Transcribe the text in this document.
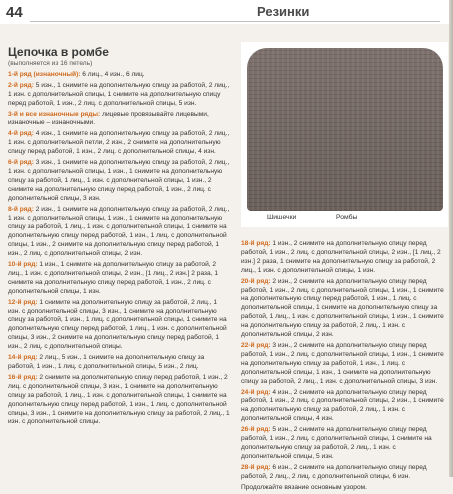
44	Резинки
Цепочка в ромбе
Шишечки	Ромбы

(выполняется из 16 петель)

1-й ряд (изнаночный): 6 лиц., 4 изн., 6 лиц.

2-й ряд: 5 изн., 1 снимите на дополнительную спицу за работой, 2 лиц., 1 изн. с дополнительной спицы, 1 снимите на дополнительную спицу перед работой, 1 изн., 2 лиц. с дополнительной спицы, 5 изн.

3-й и все изнаночные ряды: лицевые провязывайте лицевыми, изнаночные – изнаночными.

4-й ряд: 4 изн., 1 снимите на дополнительную спицу за работой, 2 лиц., 1 изн. с дополнительной петли, 2 изн., 2 снимите на дополнительную спицу перед работой, 1 изн., 2 лиц. с дополнительной спицы, 4 изн.

6-й ряд: 3 изн., 1 снимите на дополнительную спицу за работой, 2 лиц., 1 изн. с дополнительной спицы, 1 изн., 1 снимите на дополнительную спицу за работой, 1 лиц., 1 изн. с дополнительной спицы, 1 изн., 2 снимите на дополнительную спицу перед работой, 1 изн., 2 лиц. с дополнительной спицы, 3 изн.

8-й ряд: 2 изн., 1 снимите на дополнительную спицу за работой, 2 лиц., 1 изн. с дополнительной спицы, 1 изн., 1 снимите на дополнительную спицу за работой, 1 лиц., 1 изн. с дополнительной спицы, 1 снимите на дополнительную спицу перед работой, 1 изн., 1 лиц. с дополнительной спицы, 1 изн., 2 снимите на дополнительную спицу перед работой, 1 изн., 2 лиц. с дополнительной спицы, 2 изн.

10-й ряд: 1 изн., 1 снимите на дополнительную спицу за работой, 2 лиц., 1 изн. с дополнительной спицы, 2 изн., [1 лиц., 2 изн.] 2 раза, 1 снимите на дополнительную спицу перед работой, 1 изн., 2 лиц. с дополнительной спицы, 1 изн.

12-й ряд: 1 снимите на дополнительную спицу за работой, 2 лиц., 1 изн. с дополнительной спицы, 3 изн., 1 снимите на дополнительную спицу за работой, 1 изн., 1 лиц. с дополнительной спицы, 1 снимите на дополнительную спицу перед работой, 1 лиц., 1 изн. с дополнительной спицы, 3 изн., 2 снимите на дополнительную спицу перед работой, 1 изн., 2 лиц. с дополнительной спицы.

14-й ряд: 2 лиц., 5 изн., 1 снимите на дополнительную спицу за работой, 1 изн., 1 лиц. с дополнительной спицы, 5 изн., 2 лиц.

16-й ряд: 2 снимите на дополнительную спицу перед работой, 1 изн., 2 лиц. с дополнительной спицы, 3 изн., 1 снимите на дополнительную спицу за работой, 1 лиц., 1 изн. с дополнительной спицы, 1 снимите на дополнительную спицу перед работой, 1 изн., 1 лиц. с дополнительной спицы, 3 изн., 1 снимите на дополнительную спицу за работой, 2 лиц., 1 изн. с дополнительной спицы.

18-й ряд: 1 изн., 2 снимите на дополнительную спицу перед работой, 1 изн., 2 лиц. с дополнительной спицы, 2 изн., [1 лиц., 2 изн.] 2 раза, 1 снимите на дополнительную спицу за работой, 2 лиц., 1 изн. с дополнительной спицы, 1 изн.

20-й ряд: 2 изн., 2 снимите на дополнительную спицу перед работой, 1 изн., 2 лиц. с дополнительной спицы, 1 изн., 1 снимите на дополнительную спицу перед работой, 1 изн., 1 лиц. с дополнительной спицы, 1 снимите на дополнительную спицу за работой, 1 лиц., 1 изн. с дополнительной спицы, 1 изн., 1 снимите на дополнительную спицу за работой, 2 лиц., 1 изн. с дополнительной спицы, 2 изн.

22-й ряд: 3 изн., 2 снимите на дополнительную спицу перед работой, 1 изн., 2 лиц. с дополнительной спицы, 1 изн., 1 снимите на дополнительную спицу за работой, 1 изн., 1 лиц. с дополнительной спицы, 1 изн., 1 снимите на дополнительную спицу за работой, 2 лиц., 1 изн. с дополнительной спицы, 3 изн.

24-й ряд: 4 изн., 2 снимите на дополнительную спицу перед работой, 1 изн., 2 лиц. с дополнительной спицы, 2 изн., 1 снимите на дополнительную спицу за работой, 2 лиц., 1 изн. с дополнительной спицы, 4 изн.

26-й ряд: 5 изн., 2 снимите на дополнительную спицу перед работой, 1 изн., 2 лиц. с дополнительной спицы, 1 снимите на дополнительную спицу за работой, 2 лиц., 1 изн. с дополнительной спицы, 5 изн.

28-й ряд: 6 изн., 2 снимите на дополнительную спицу перед работой, 2 лиц., 2 лиц. с дополнительной спицы, 6 изн.

Продолжайте вязание основным узором.
